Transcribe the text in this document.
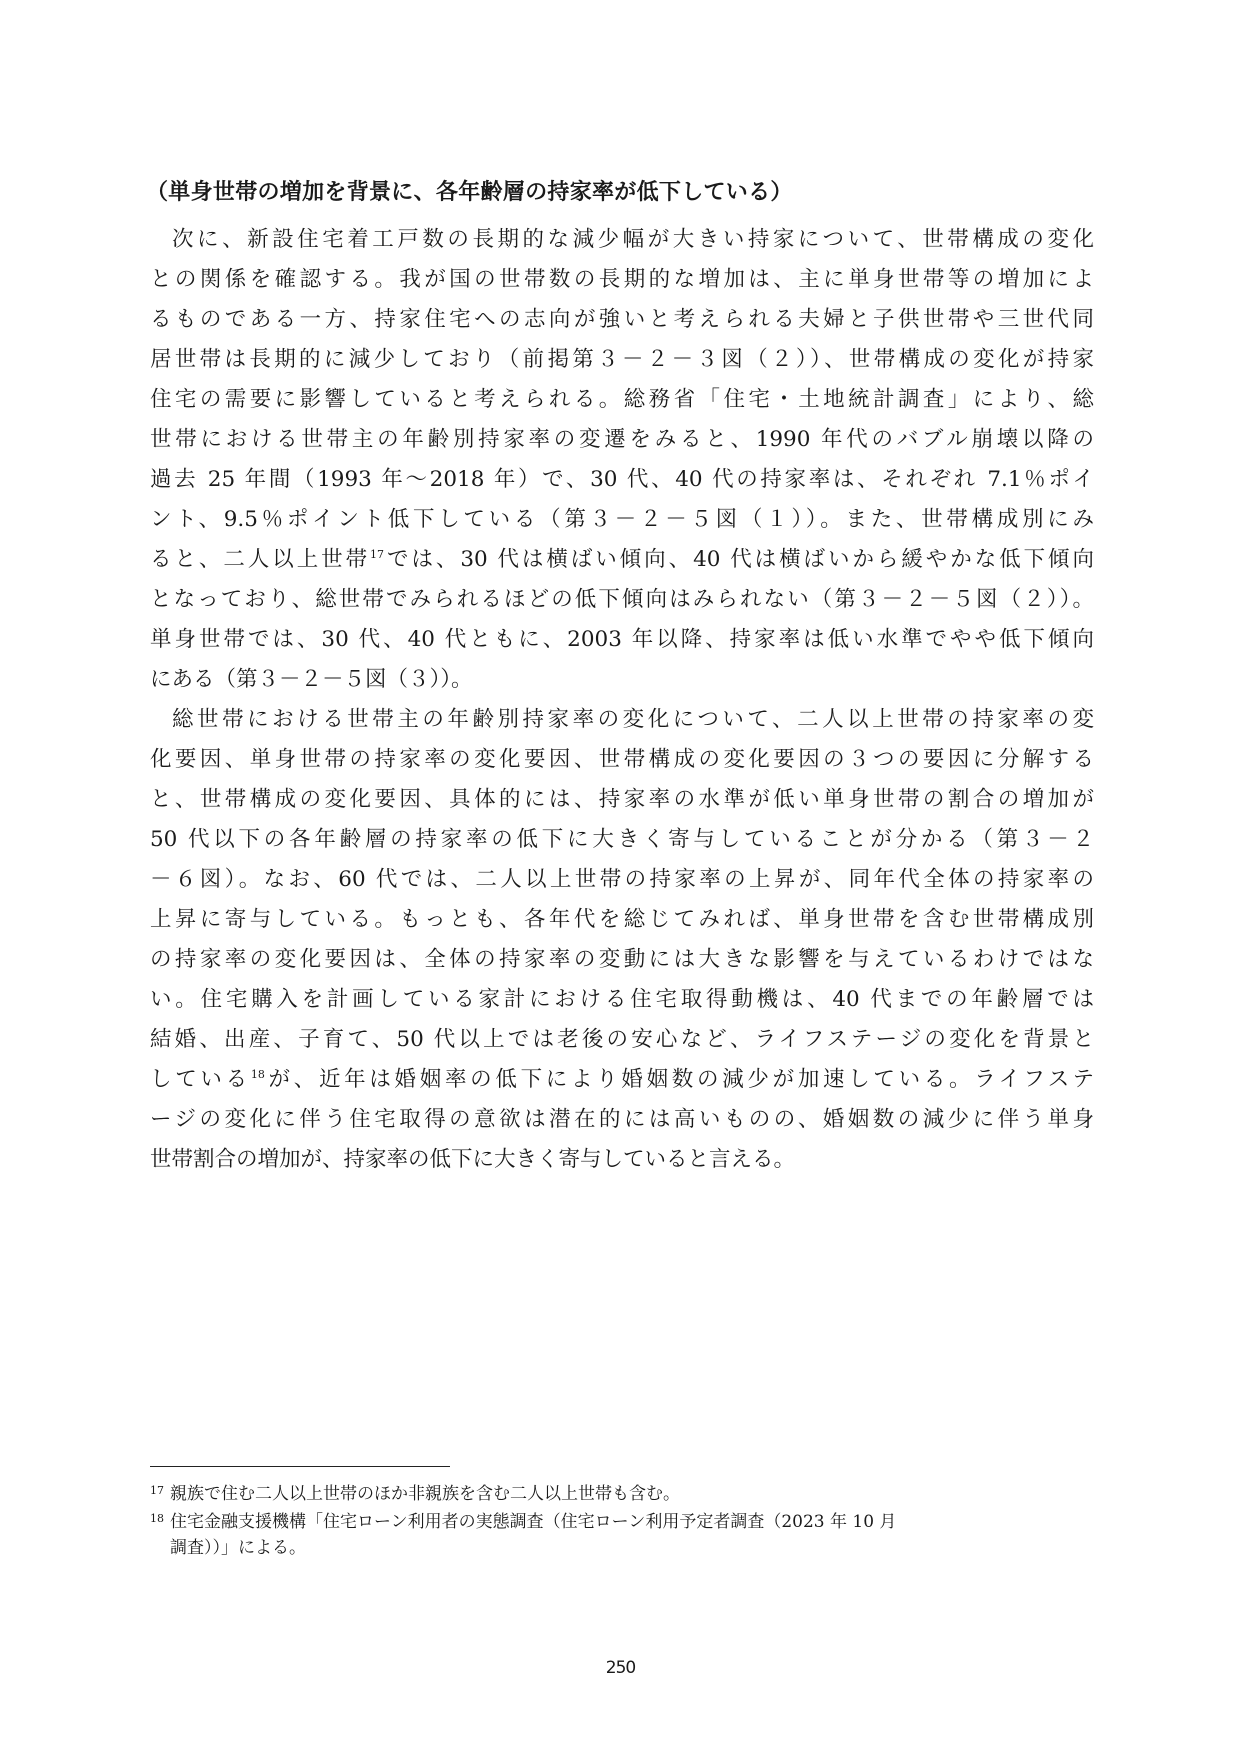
（単身世帯の増加を背景に、各年齢層の持家率が低下している）
次に、新設住宅着工戸数の長期的な減少幅が大きい持家について、世帯構成の変化
との関係を確認する。我が国の世帯数の長期的な増加は、主に単身世帯等の増加によ
るものである一方、持家住宅への志向が強いと考えられる夫婦と子供世帯や三世代同
居世帯は長期的に減少しており（前掲第３－２－３図（２））、世帯構成の変化が持家
住宅の需要に影響していると考えられる。総務省「住宅・土地統計調査」により、総
世帯における世帯主の年齢別持家率の変遷をみると、1990 年代のバブル崩壊以降の
過去 25 年間（1993 年～2018 年）で、30 代、40 代の持家率は、それぞれ 7.1％ポイ
ント、9.5％ポイント低下している（第３－２－５図（１））。また、世帯構成別にみ
ると、二人以上世帯$^{17}$では、30 代は横ばい傾向、40 代は横ばいから緩やかな低下傾向
となっており、総世帯でみられるほどの低下傾向はみられない（第３－２－５図（２））。
単身世帯では、30 代、40 代ともに、2003 年以降、持家率は低い水準でやや低下傾向
にある（第３－２－５図（３））。
総世帯における世帯主の年齢別持家率の変化について、二人以上世帯の持家率の変
化要因、単身世帯の持家率の変化要因、世帯構成の変化要因の３つの要因に分解する
と、世帯構成の変化要因、具体的には、持家率の水準が低い単身世帯の割合の増加が
50 代以下の各年齢層の持家率の低下に大きく寄与していることが分かる（第３－２
－６図）。なお、60 代では、二人以上世帯の持家率の上昇が、同年代全体の持家率の
上昇に寄与している。もっとも、各年代を総じてみれば、単身世帯を含む世帯構成別
の持家率の変化要因は、全体の持家率の変動には大きな影響を与えているわけではな
い。住宅購入を計画している家計における住宅取得動機は、40 代までの年齢層では
結婚、出産、子育て、50 代以上では老後の安心など、ライフステージの変化を背景と
している$^{18}$が、近年は婚姻率の低下により婚姻数の減少が加速している。ライフステ
ージの変化に伴う住宅取得の意欲は潜在的には高いものの、婚姻数の減少に伴う単身
世帯割合の増加が、持家率の低下に大きく寄与していると言える。
17 親族で住む二人以上世帯のほか非親族を含む二人以上世帯も含む。
18 住宅金融支援機構「住宅ローン利用者の実態調査（住宅ローン利用予定者調査（2023 年 10 月
調査））」による。
250
